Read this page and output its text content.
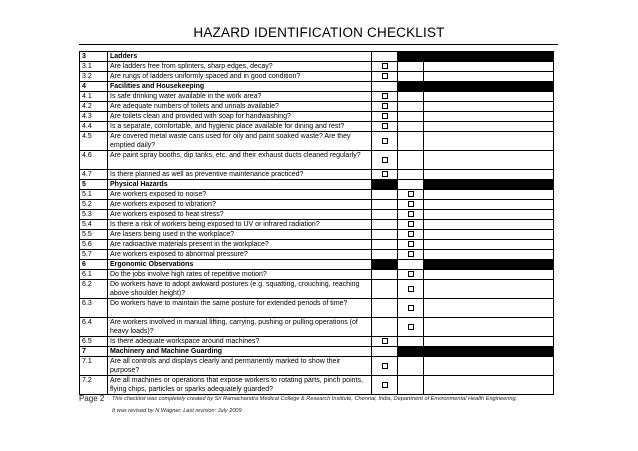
HAZARD IDENTIFICATION CHECKLIST
3	Ladders			
3.1	Are ladders free from splinters, sharp edges, decay?			
3.2	Are rungs of ladders uniformly spaced and in good condition?			
4	Facilities and Housekeeping			
4.1	Is safe drinking water available in the work area?			
4.2	Are adequate numbers of toilets and urinals available?			
4.3	Are toilets clean and provided with soap for handwashing?			
4.4	Is a separate, comfortable, and hygienic place available for dining and rest?			
4.5	Are covered metal waste cans used for oily and paint soaked waste? Are they emptied daily?			
4.6	Are paint spray booths, dip tanks, etc. and their exhaust ducts cleaned regularly?			
4.7	Is there planned as well as preventive maintenance practiced?			
5	Physical Hazards			
5.1	Are workers exposed to noise?			
5.2	Are workers exposed to vibration?			
5.3	Are workers exposed to heat stress?			
5.4	Is there a risk of workers being exposed to UV or infrared radiation?			
5.5	Are lasers being used in the workplace?			
5.6	Are radioactive materials present in the workplace?			
5.7	Are workers exposed to abnormal pressure?			
6	Ergonomic Observations			
6.1	Do the jobs involve high rates of repetitive motion?			
6.2	Do workers have to adopt awkward postures (e.g. squatting, crouching, reaching above shoulder height)?			
6.3	Do workers have to maintain the same posture for extended periods of time?			
6.4	Are workers involved in manual lifting, carrying, pushing or pulling operations (of heavy loads)?			
6.5	Is there adequate workspace around machines?			
7	Machinery and Machine Guarding			
7.1	Are all controls and displays clearly and permanently marked to show their purpose?			
7.2	Are all machines or operations that expose workers to rotating parts, pinch points, flying chips, particles or sparks adequately guarded?			
Page 2 This checklist was completely created by Sri Ramachandra Medical College & Research Institute, Chennai, India, Department of Environmental Health Engineering.
It was revised by N Wagner. Last revision: July 2009
